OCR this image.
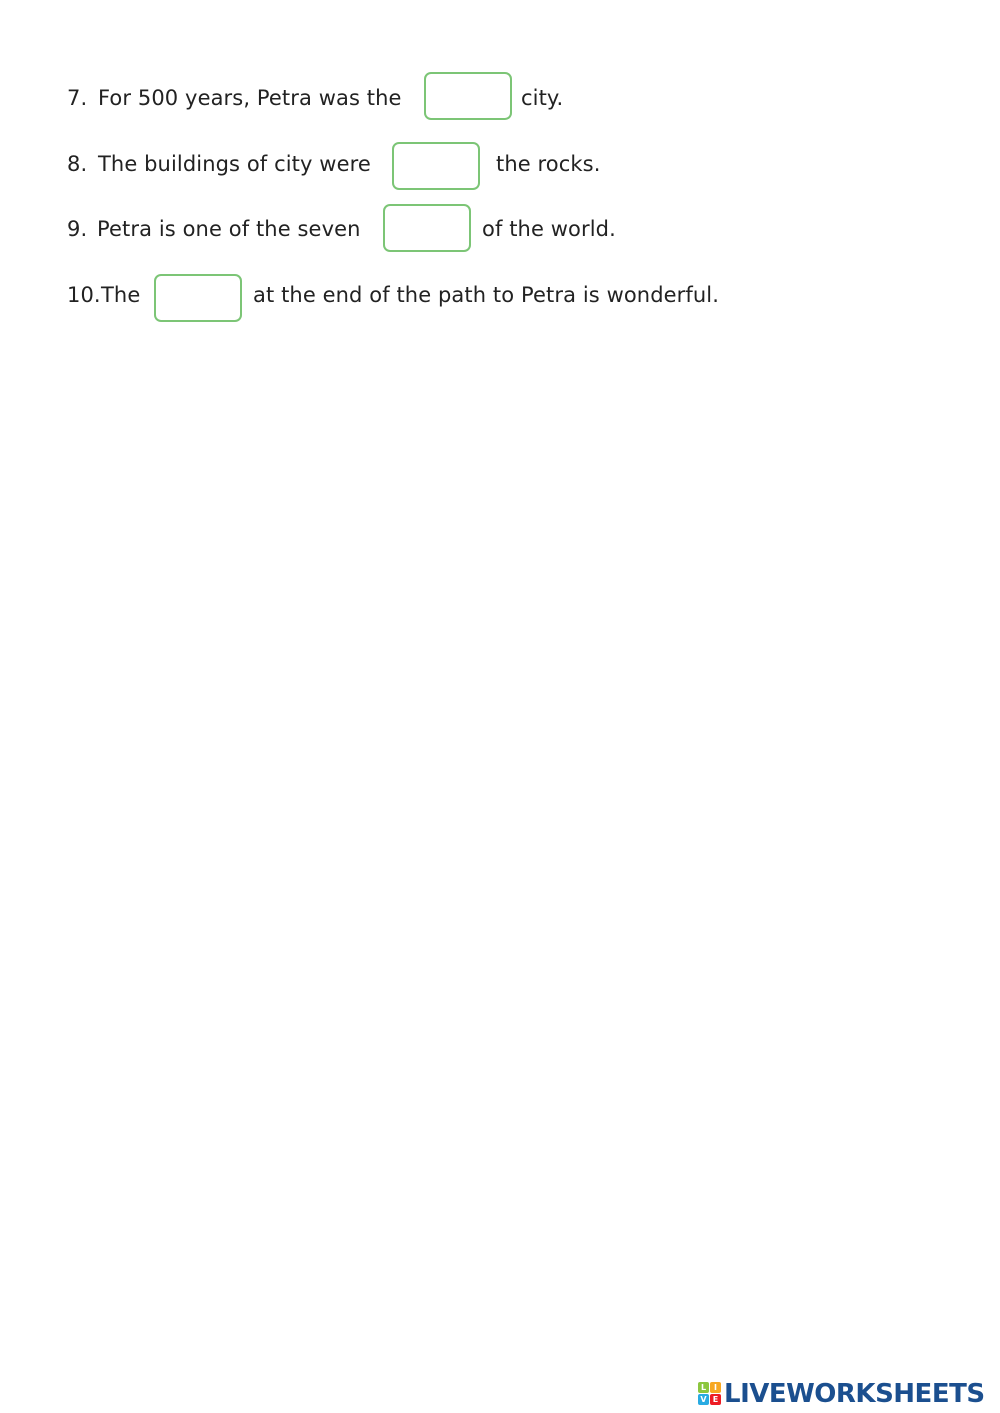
7. For 500 years, Petra was the	city.
8. The buildings of city were	the rocks.
9. Petra is one of the seven	of the world.
10. The	at the end of the path to Petra is wonderful.
L I
V E LIVEWORKSHEETS
